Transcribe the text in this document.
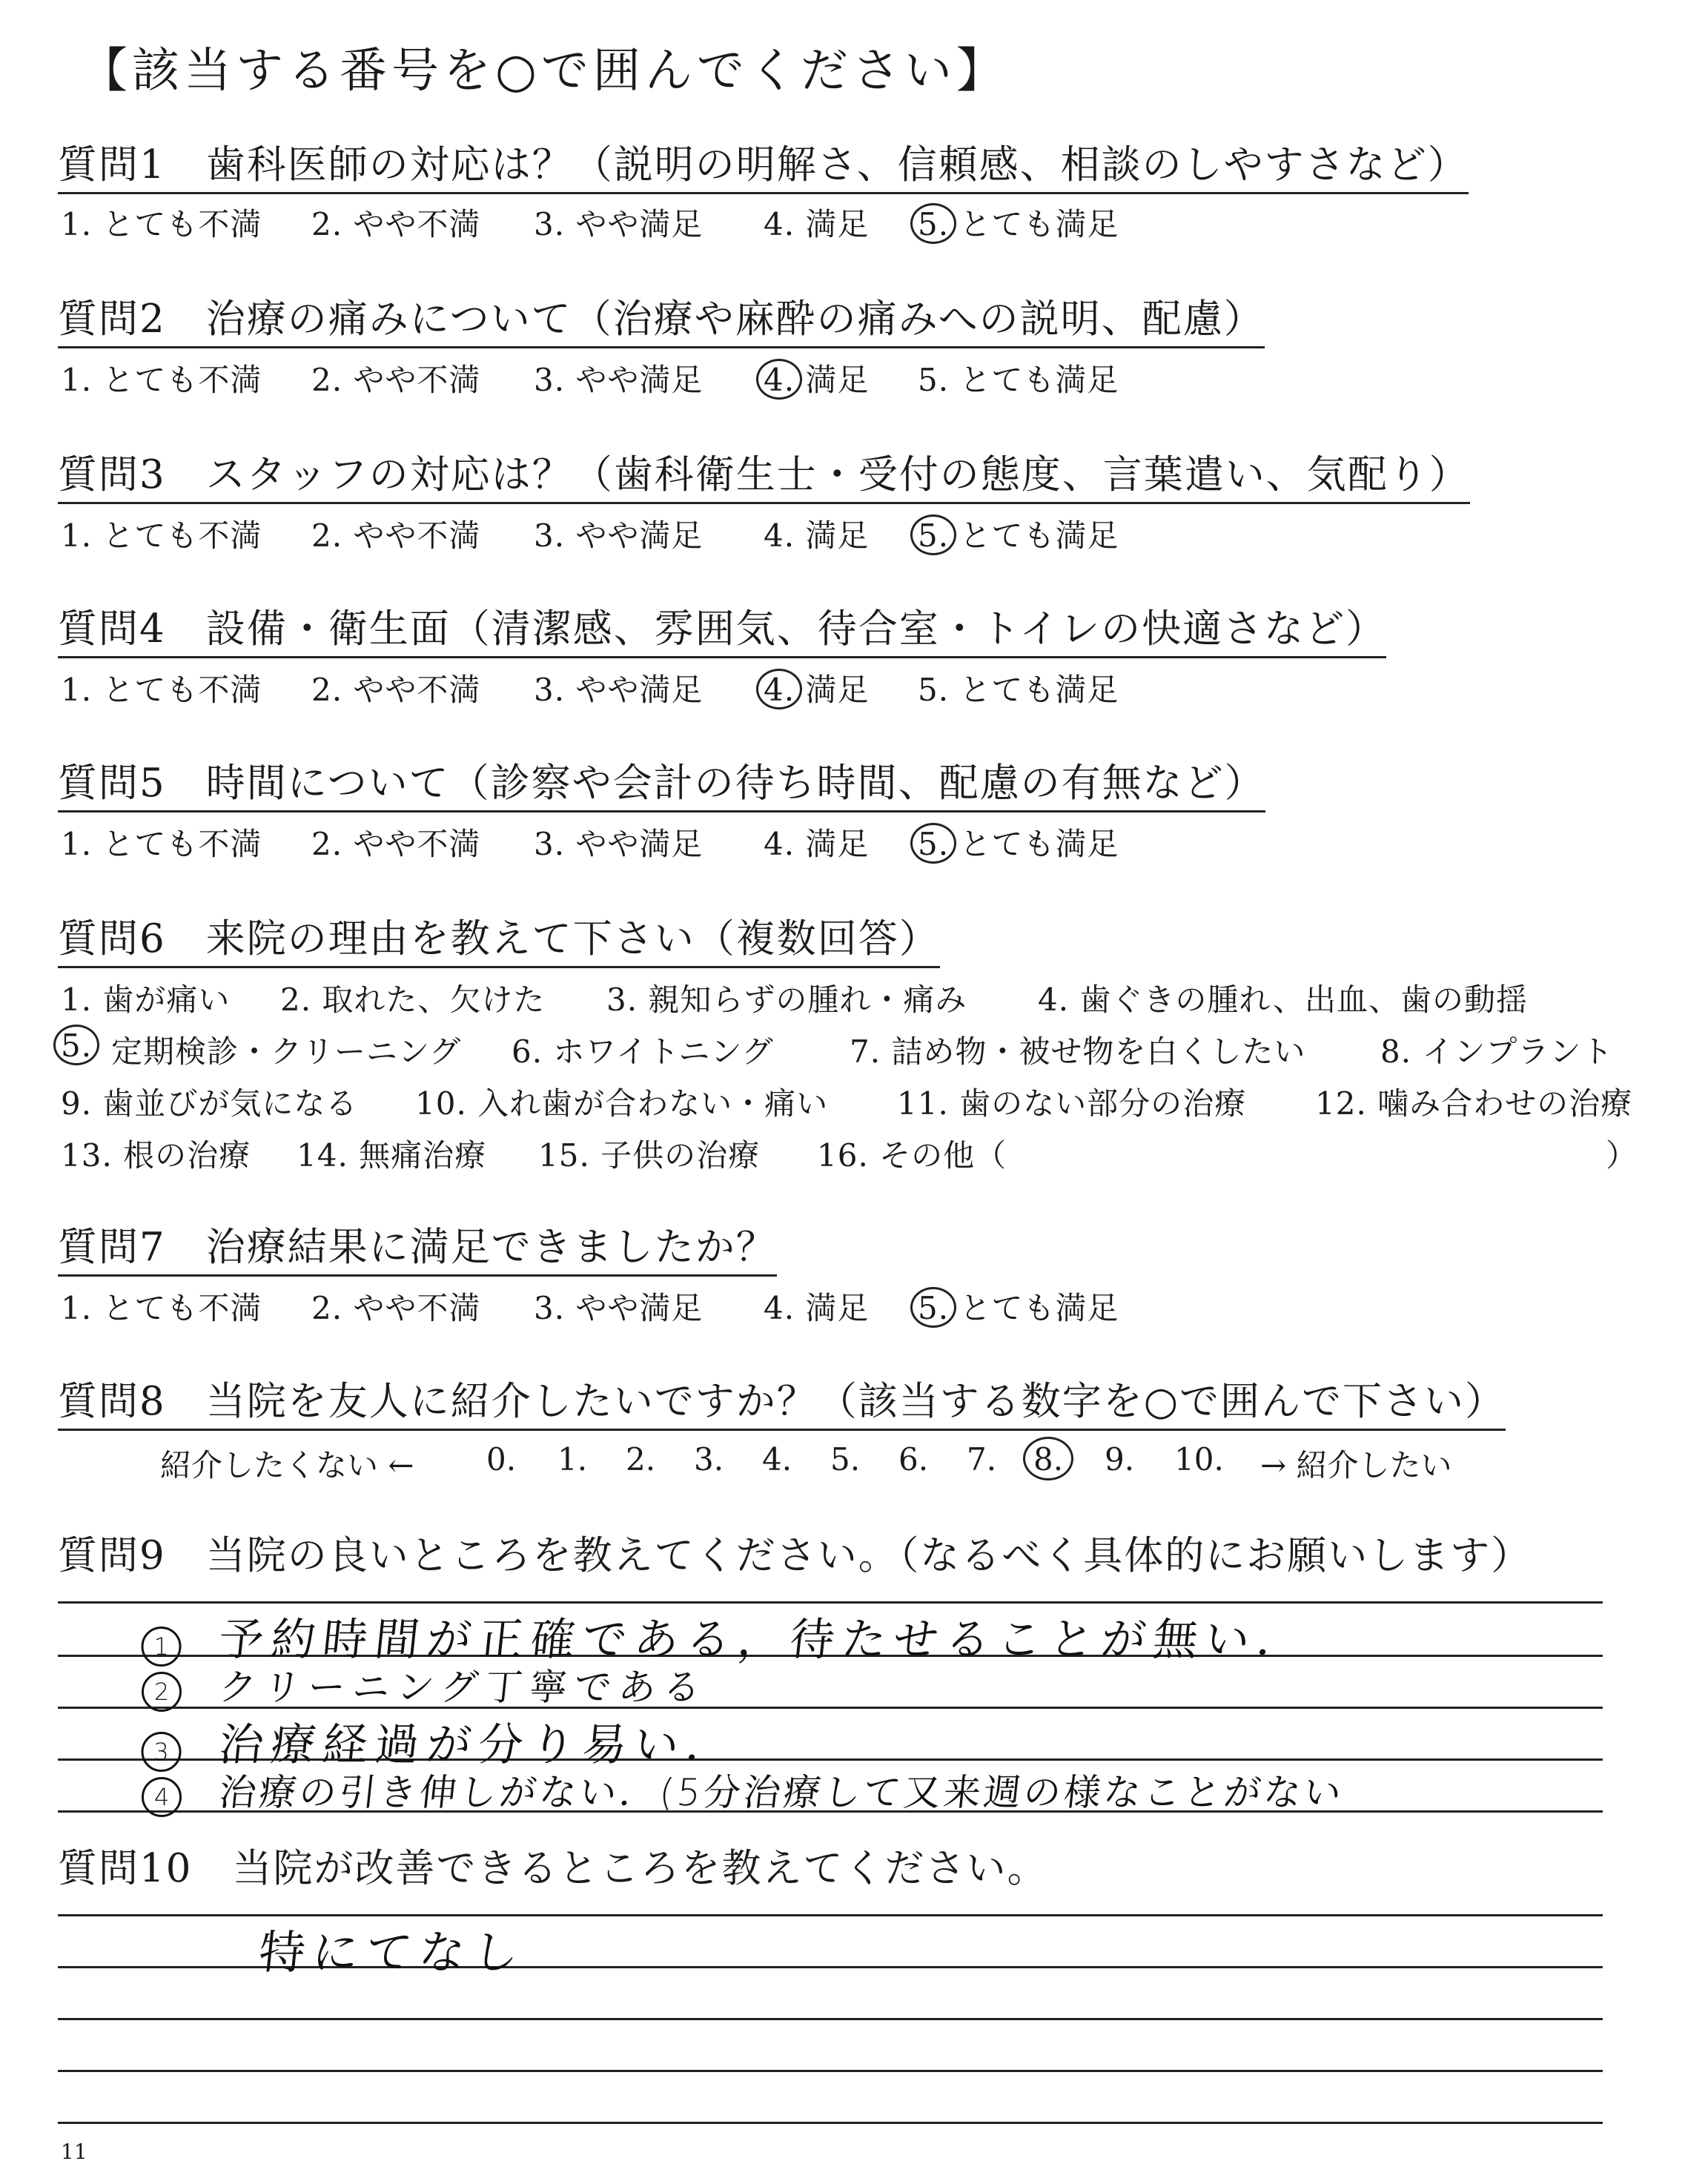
【該当する番号を○で囲んでください】
質問1 歯科医師の対応は？（説明の明解さ、信頼感、相談のしやすさなど）
1. とても不満 2. やや不満 3. やや満足 4. 満足 5. とても満足
質問2 治療の痛みについて（治療や麻酔の痛みへの説明、配慮）
1. とても不満 2. やや不満 3. やや満足 4. 満足 5. とても満足
質問3 スタッフの対応は？（歯科衛生士・受付の態度、言葉遣い、気配り）
1. とても不満 2. やや不満 3. やや満足 4. 満足 5. とても満足
質問4 設備・衛生面（清潔感、雰囲気、待合室・トイレの快適さなど）
1. とても不満 2. やや不満 3. やや満足 4. 満足 5. とても満足
質問5 時間について（診察や会計の待ち時間、配慮の有無など）
1. とても不満 2. やや不満 3. やや満足 4. 満足 5. とても満足
質問6 来院の理由を教えて下さい（複数回答）
1. 歯が痛い 2. 取れた、欠けた 3. 親知らずの腫れ・痛み 4. 歯ぐきの腫れ、出血、歯の動揺
5. 定期検診・クリーニング 6. ホワイトニング 7. 詰め物・被せ物を白くしたい 8. インプラント
9. 歯並びが気になる 10. 入れ歯が合わない・痛い 11. 歯のない部分の治療 12. 噛み合わせの治療
13. 根の治療 14. 無痛治療 15. 子供の治療 16. その他（	）
質問7 治療結果に満足できましたか？
1. とても不満 2. やや不満 3. やや満足 4. 満足 5. とても満足
質問8 当院を友人に紹介したいですか？（該当する数字を○で囲んで下さい）
紹介したくない ← 0. 1. 2. 3. 4. 5. 6. 7. 8. 9. 10. → 紹介したい
質問9 当院の良いところを教えてください。（なるべく具体的にお願いします）
1 予約時間が正確である，待たせることが無い．
2 クリーニング丁寧である
3 治療経過が分り易い．
4 治療の引き伸しがない．(5分治療して又来週の様なことがない
質問10 当院が改善できるところを教えてください。
特にてなし
11
